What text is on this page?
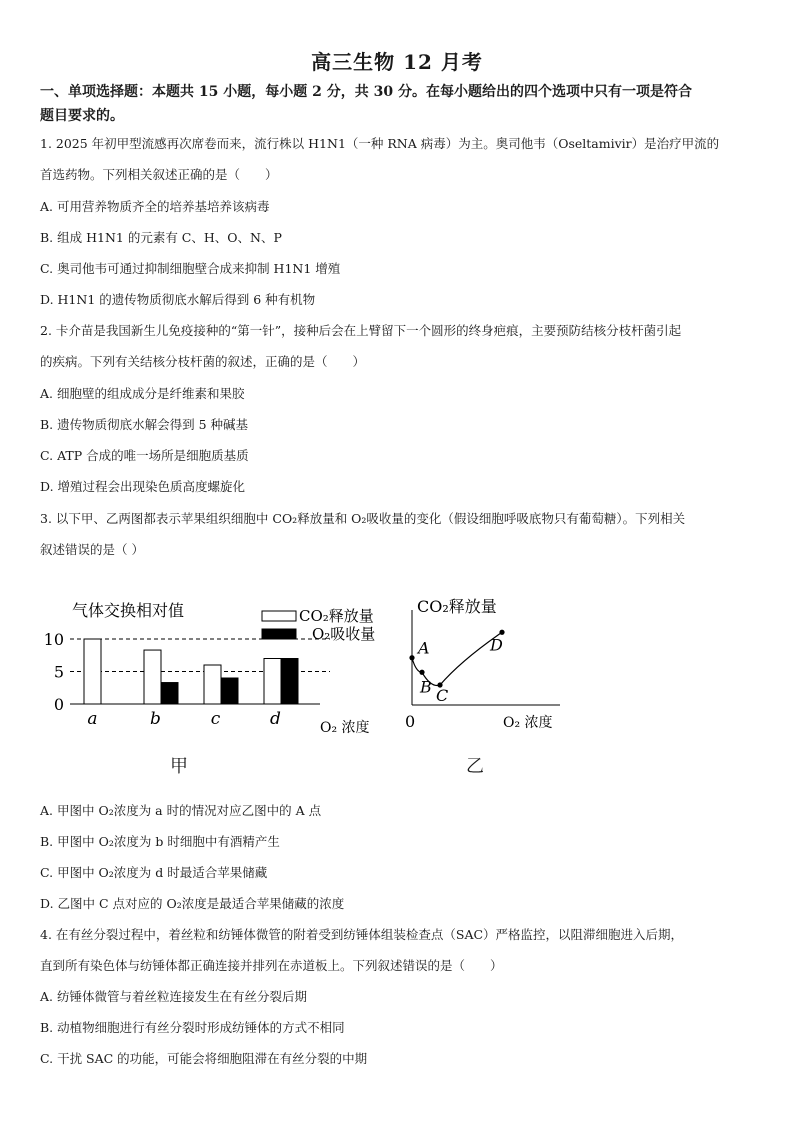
高三生物 12 月考
一、单项选择题：本题共 15 小题，每小题 2 分，共 30 分。在每小题给出的四个选项中只有一项是符合
题目要求的。
1. 2025 年初甲型流感再次席卷而来，流行株以 H1N1（一种 RNA 病毒）为主。奥司他韦（Oseltamivir）是治疗甲流的
首选药物。下列相关叙述正确的是（　　）
A. 可用营养物质齐全的培养基培养该病毒
B. 组成 H1N1 的元素有 C、H、O、N、P
C. 奥司他韦可通过抑制细胞壁合成来抑制 H1N1 增殖
D. H1N1 的遗传物质彻底水解后得到 6 种有机物
2. 卡介苗是我国新生儿免疫接种的“第一针”，接种后会在上臂留下一个圆形的终身疤痕，主要预防结核分枝杆菌引起
的疾病。下列有关结核分枝杆菌的叙述，正确的是（　　）
A. 细胞壁的组成成分是纤维素和果胶
B. 遗传物质彻底水解会得到 5 种碱基
C. ATP 合成的唯一场所是细胞质基质
D. 增殖过程会出现染色质高度螺旋化
3. 以下甲、乙两图都表示苹果组织细胞中 CO₂释放量和 O₂吸收量的变化（假设细胞呼吸底物只有葡萄糖）。下列相关
叙述错误的是（ ）
气体交换相对值	CO₂释放量
O₂吸收量
0
5
10
a	b	c	d	O₂ 浓度
甲
CO₂释放量
0	O₂ 浓度
A
B C
D
乙
A. 甲图中 O₂浓度为 a 时的情况对应乙图中的 A 点
B. 甲图中 O₂浓度为 b 时细胞中有酒精产生
C. 甲图中 O₂浓度为 d 时最适合苹果储藏
D. 乙图中 C 点对应的 O₂浓度是最适合苹果储藏的浓度
4. 在有丝分裂过程中，着丝粒和纺锤体微管的附着受到纺锤体组装检查点（SAC）严格监控，以阻滞细胞进入后期，
直到所有染色体与纺锤体都正确连接并排列在赤道板上。下列叙述错误的是（　　）
A. 纺锤体微管与着丝粒连接发生在有丝分裂后期
B. 动植物细胞进行有丝分裂时形成纺锤体的方式不相同
C. 干扰 SAC 的功能，可能会将细胞阻滞在有丝分裂的中期
